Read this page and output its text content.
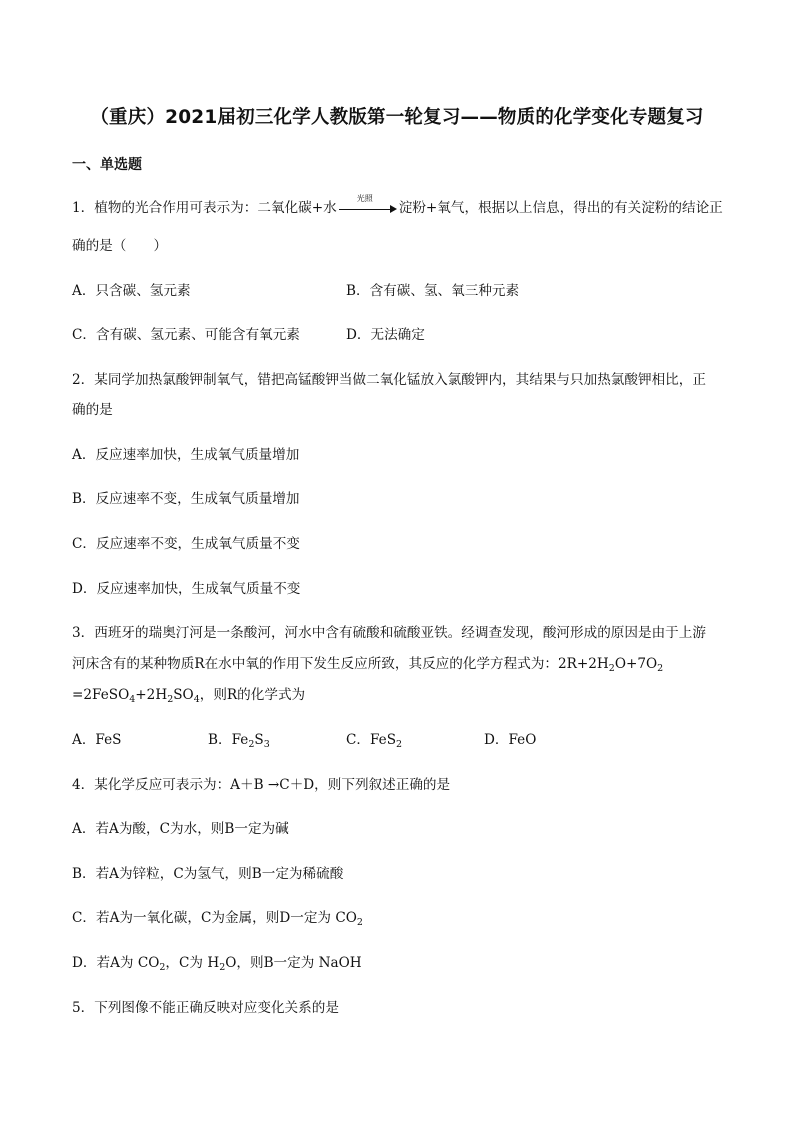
（重庆）2021届初三化学人教版第一轮复习——物质的化学变化专题复习
一、单选题
1．植物的光合作用可表示为：二氧化碳+水
光照
淀粉+氧气，根据以上信息，得出的有关淀粉的结论正
确的是（　　）
A．只含碳、氢元素	B．含有碳、氢、氧三种元素
C．含有碳、氢元素、可能含有氧元素	D．无法确定
2．某同学加热氯酸钾制氧气，错把高锰酸钾当做二氧化锰放入氯酸钾内，其结果与只加热氯酸钾相比，正
确的是
A．反应速率加快，生成氧气质量增加
B．反应速率不变，生成氧气质量增加
C．反应速率不变，生成氧气质量不变
D．反应速率加快，生成氧气质量不变
3．西班牙的瑞奥汀河是一条酸河，河水中含有硫酸和硫酸亚铁。经调查发现，酸河形成的原因是由于上游
河床含有的某种物质R在水中氧的作用下发生反应所致，其反应的化学方程式为：$2R+2H_2O+7O_2$
$=2FeSO_4+2H_2SO_4$，则R的化学式为
A．FeS	B．$Fe_2S_3$	C．FeS$_2$	D．FeO
4．某化学反应可表示为：A＋B →C＋D，则下列叙述正确的是
A．若A为酸，C为水，则B一定为碱
B．若A为锌粒，C为氢气，则B一定为稀硫酸
C．若A为一氧化碳，C为金属，则D一定为 $CO_2$
D．若A为 $CO_2$，C为 $H_2O$，则B一定为 NaOH
5．下列图像不能正确反映对应变化关系的是
